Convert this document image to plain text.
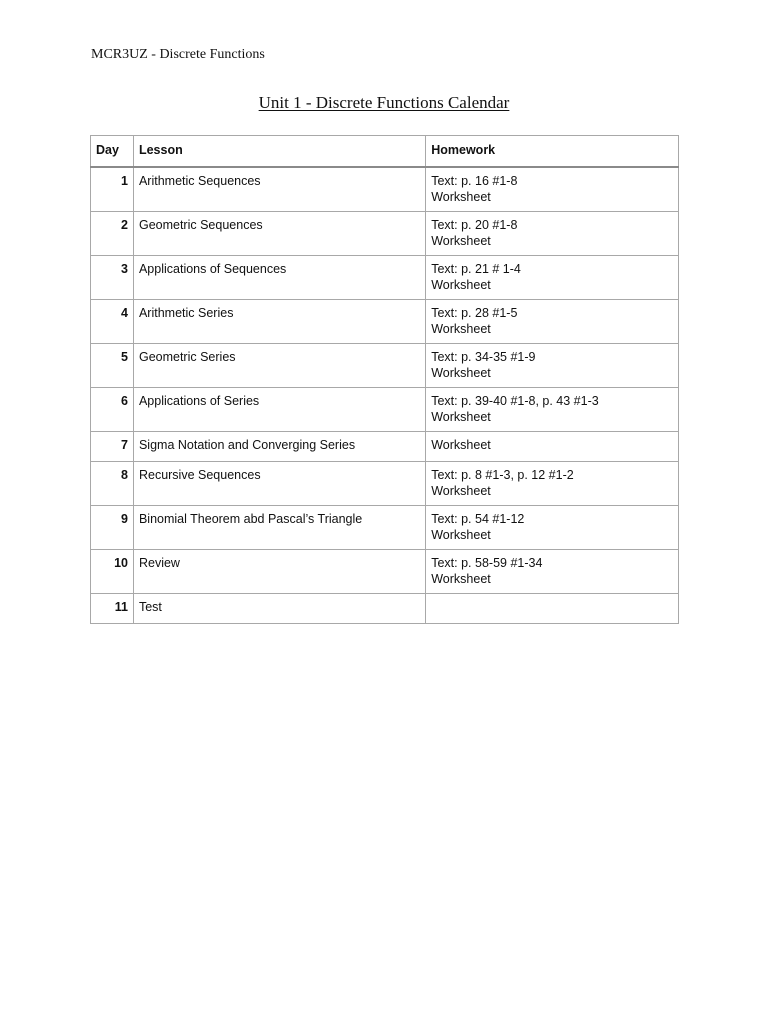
MCR3UZ - Discrete Functions
Unit 1 - Discrete Functions Calendar
Day	Lesson	Homework
1	Arithmetic Sequences	Text: p. 16 #1-8
Worksheet

2	Geometric Sequences	Text: p. 20 #1-8
Worksheet

3	Applications of Sequences	Text: p. 21 # 1-4
Worksheet

4	Arithmetic Series	Text: p. 28 #1-5
Worksheet

5	Geometric Series	Text: p. 34-35 #1-9
Worksheet

6	Applications of Series	Text: p. 39-40 #1-8, p. 43 #1-3
Worksheet

7	Sigma Notation and Converging Series	Worksheet

8	Recursive Sequences	Text: p. 8 #1-3, p. 12 #1-2
Worksheet

9	Binomial Theorem abd Pascal’s Triangle	Text: p. 54 #1-12
Worksheet

10	Review	Text: p. 58-59 #1-34
Worksheet

11	Test	
